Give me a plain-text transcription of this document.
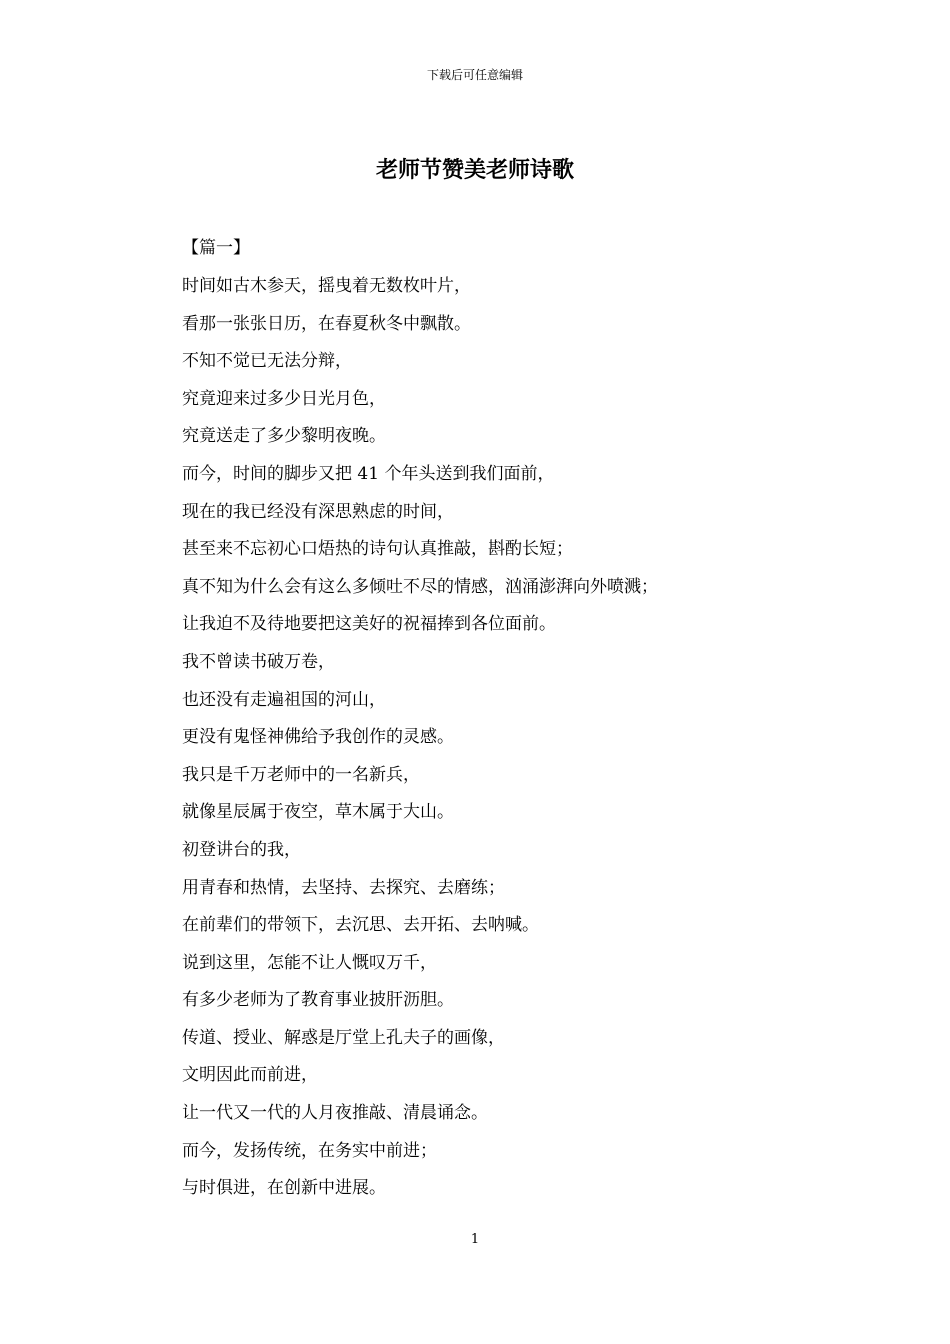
下载后可任意编辑
老师节赞美老师诗歌
【篇一】
时间如古木参天，摇曳着无数枚叶片，
看那一张张日历，在春夏秋冬中飘散。
不知不觉已无法分辩，
究竟迎来过多少日光月色，
究竟送走了多少黎明夜晚。
而今，时间的脚步又把 41 个年头送到我们面前，
现在的我已经没有深思熟虑的时间，
甚至来不忘初心口焐热的诗句认真推敲，斟酌长短；
真不知为什么会有这么多倾吐不尽的情感，汹涌澎湃向外喷溅；
让我迫不及待地要把这美好的祝福捧到各位面前。
我不曾读书破万卷，
也还没有走遍祖国的河山，
更没有鬼怪神佛给予我创作的灵感。
我只是千万老师中的一名新兵，
就像星辰属于夜空，草木属于大山。
初登讲台的我，
用青春和热情，去坚持、去探究、去磨练；
在前辈们的带领下，去沉思、去开拓、去呐喊。
说到这里，怎能不让人慨叹万千，
有多少老师为了教育事业披肝沥胆。
传道、授业、解惑是厅堂上孔夫子的画像，
文明因此而前进，
让一代又一代的人月夜推敲、清晨诵念。
而今，发扬传统，在务实中前进；
与时俱进，在创新中进展。
1
